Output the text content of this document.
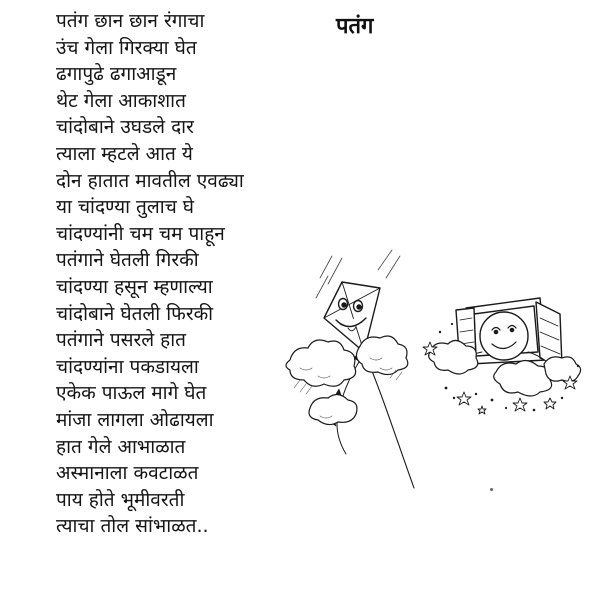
पतंग
पतंग छान छान रंगाचा
उंच गेला गिरक्या घेत
ढगापुढे ढगाआडून
थेट गेला आकाशात
चांदोबाने उघडले दार
त्याला म्हटले आत ये
दोन हातात मावतील एवढ्या
या चांदण्या तुलाच घे
चांदण्यांनी चम चम पाहून
पतंगाने घेतली गिरकी
चांदण्या हसून म्हणाल्या
चांदोबाने घेतली फिरकी
पतंगाने पसरले हात
चांदण्यांना पकडायला
एकेक पाऊल मागे घेत
मांजा लागला ओढायला
हात गेले आभाळात
अस्मानाला कवटाळत
पाय होते भूमीवरती
त्याचा तोल सांभाळत..
